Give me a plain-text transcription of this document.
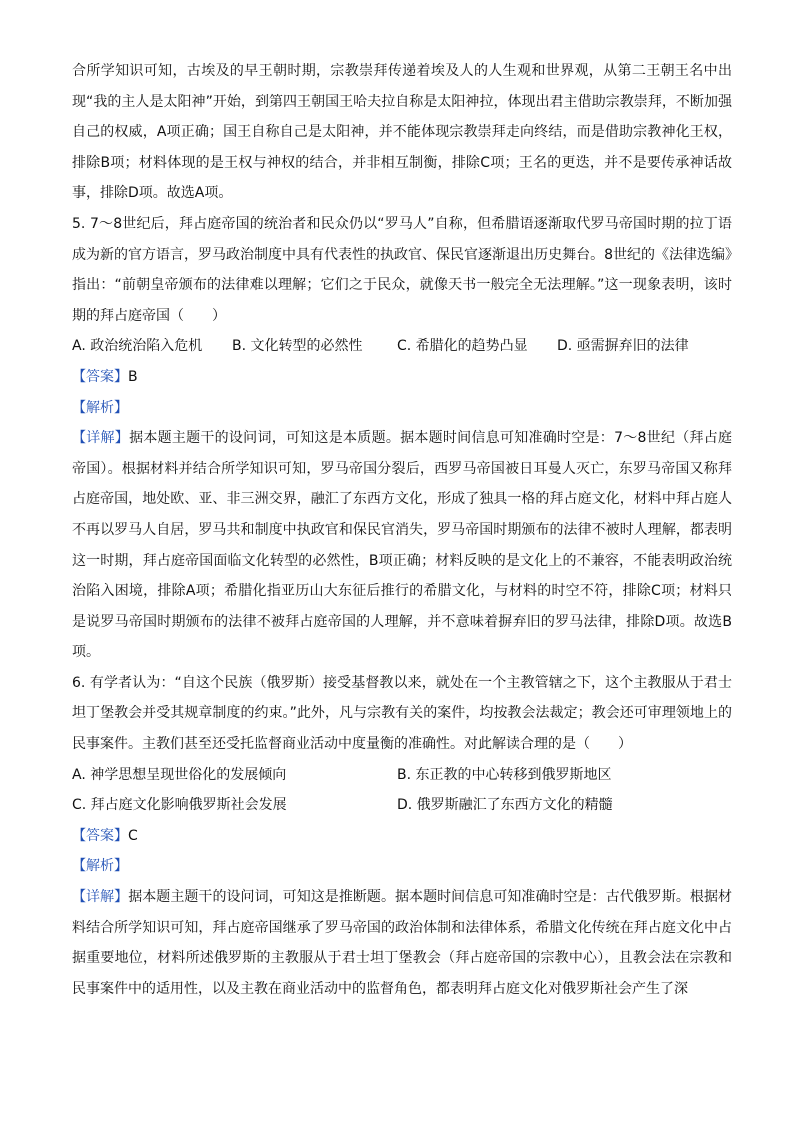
合所学知识可知，古埃及的早王朝时期，宗教崇拜传递着埃及人的人生观和世界观，从第二王朝王名中出现“我的主人是太阳神”开始，到第四王朝国王哈夫拉自称是太阳神拉，体现出君主借助宗教崇拜，不断加强自己的权威，A项正确；国王自称自己是太阳神，并不能体现宗教崇拜走向终结，而是借助宗教神化王权，排除B项；材料体现的是王权与神权的结合，并非相互制衡，排除C项；王名的更迭，并不是要传承神话故事，排除D项。故选A项。

5. 7～8世纪后，拜占庭帝国的统治者和民众仍以“罗马人”自称，但希腊语逐渐取代罗马帝国时期的拉丁语成为新的官方语言，罗马政治制度中具有代表性的执政官、保民官逐渐退出历史舞台。8世纪的《法律选编》指出：“前朝皇帝颁布的法律难以理解；它们之于民众，就像天书一般完全无法理解。”这一现象表明，该时期的拜占庭帝国（　　）

A. 政治统治陷入危机	B. 文化转型的必然性	C. 希腊化的趋势凸显	D. 亟需摒弃旧的法律
【答案】B
【解析】

【详解】据本题主题干的设问词，可知这是本质题。据本题时间信息可知准确时空是：7～8世纪（拜占庭帝国）。根据材料并结合所学知识可知，罗马帝国分裂后，西罗马帝国被日耳曼人灭亡，东罗马帝国又称拜占庭帝国，地处欧、亚、非三洲交界，融汇了东西方文化，形成了独具一格的拜占庭文化，材料中拜占庭人不再以罗马人自居，罗马共和制度中执政官和保民官消失，罗马帝国时期颁布的法律不被时人理解，都表明这一时期，拜占庭帝国面临文化转型的必然性，B项正确；材料反映的是文化上的不兼容，不能表明政治统治陷入困境，排除A项；希腊化指亚历山大东征后推行的希腊文化，与材料的时空不符，排除C项；材料只是说罗马帝国时期颁布的法律不被拜占庭帝国的人理解，并不意味着摒弃旧的罗马法律，排除D项。故选B项。

6. 有学者认为：“自这个民族（俄罗斯）接受基督教以来，就处在一个主教管辖之下，这个主教服从于君士坦丁堡教会并受其规章制度的约束。”此外，凡与宗教有关的案件，均按教会法裁定；教会还可审理领地上的民事案件。主教们甚至还受托监督商业活动中度量衡的准确性。对此解读合理的是（　　）

A. 神学思想呈现世俗化的发展倾向	B. 东正教的中心转移到俄罗斯地区
C. 拜占庭文化影响俄罗斯社会发展	D. 俄罗斯融汇了东西方文化的精髓
【答案】C
【解析】

【详解】据本题主题干的设问词，可知这是推断题。据本题时间信息可知准确时空是：古代俄罗斯。根据材料结合所学知识可知，拜占庭帝国继承了罗马帝国的政治体制和法律体系，希腊文化传统在拜占庭文化中占据重要地位，材料所述俄罗斯的主教服从于君士坦丁堡教会（拜占庭帝国的宗教中心），且教会法在宗教和民事案件中的适用性，以及主教在商业活动中的监督角色，都表明拜占庭文化对俄罗斯社会产生了深
